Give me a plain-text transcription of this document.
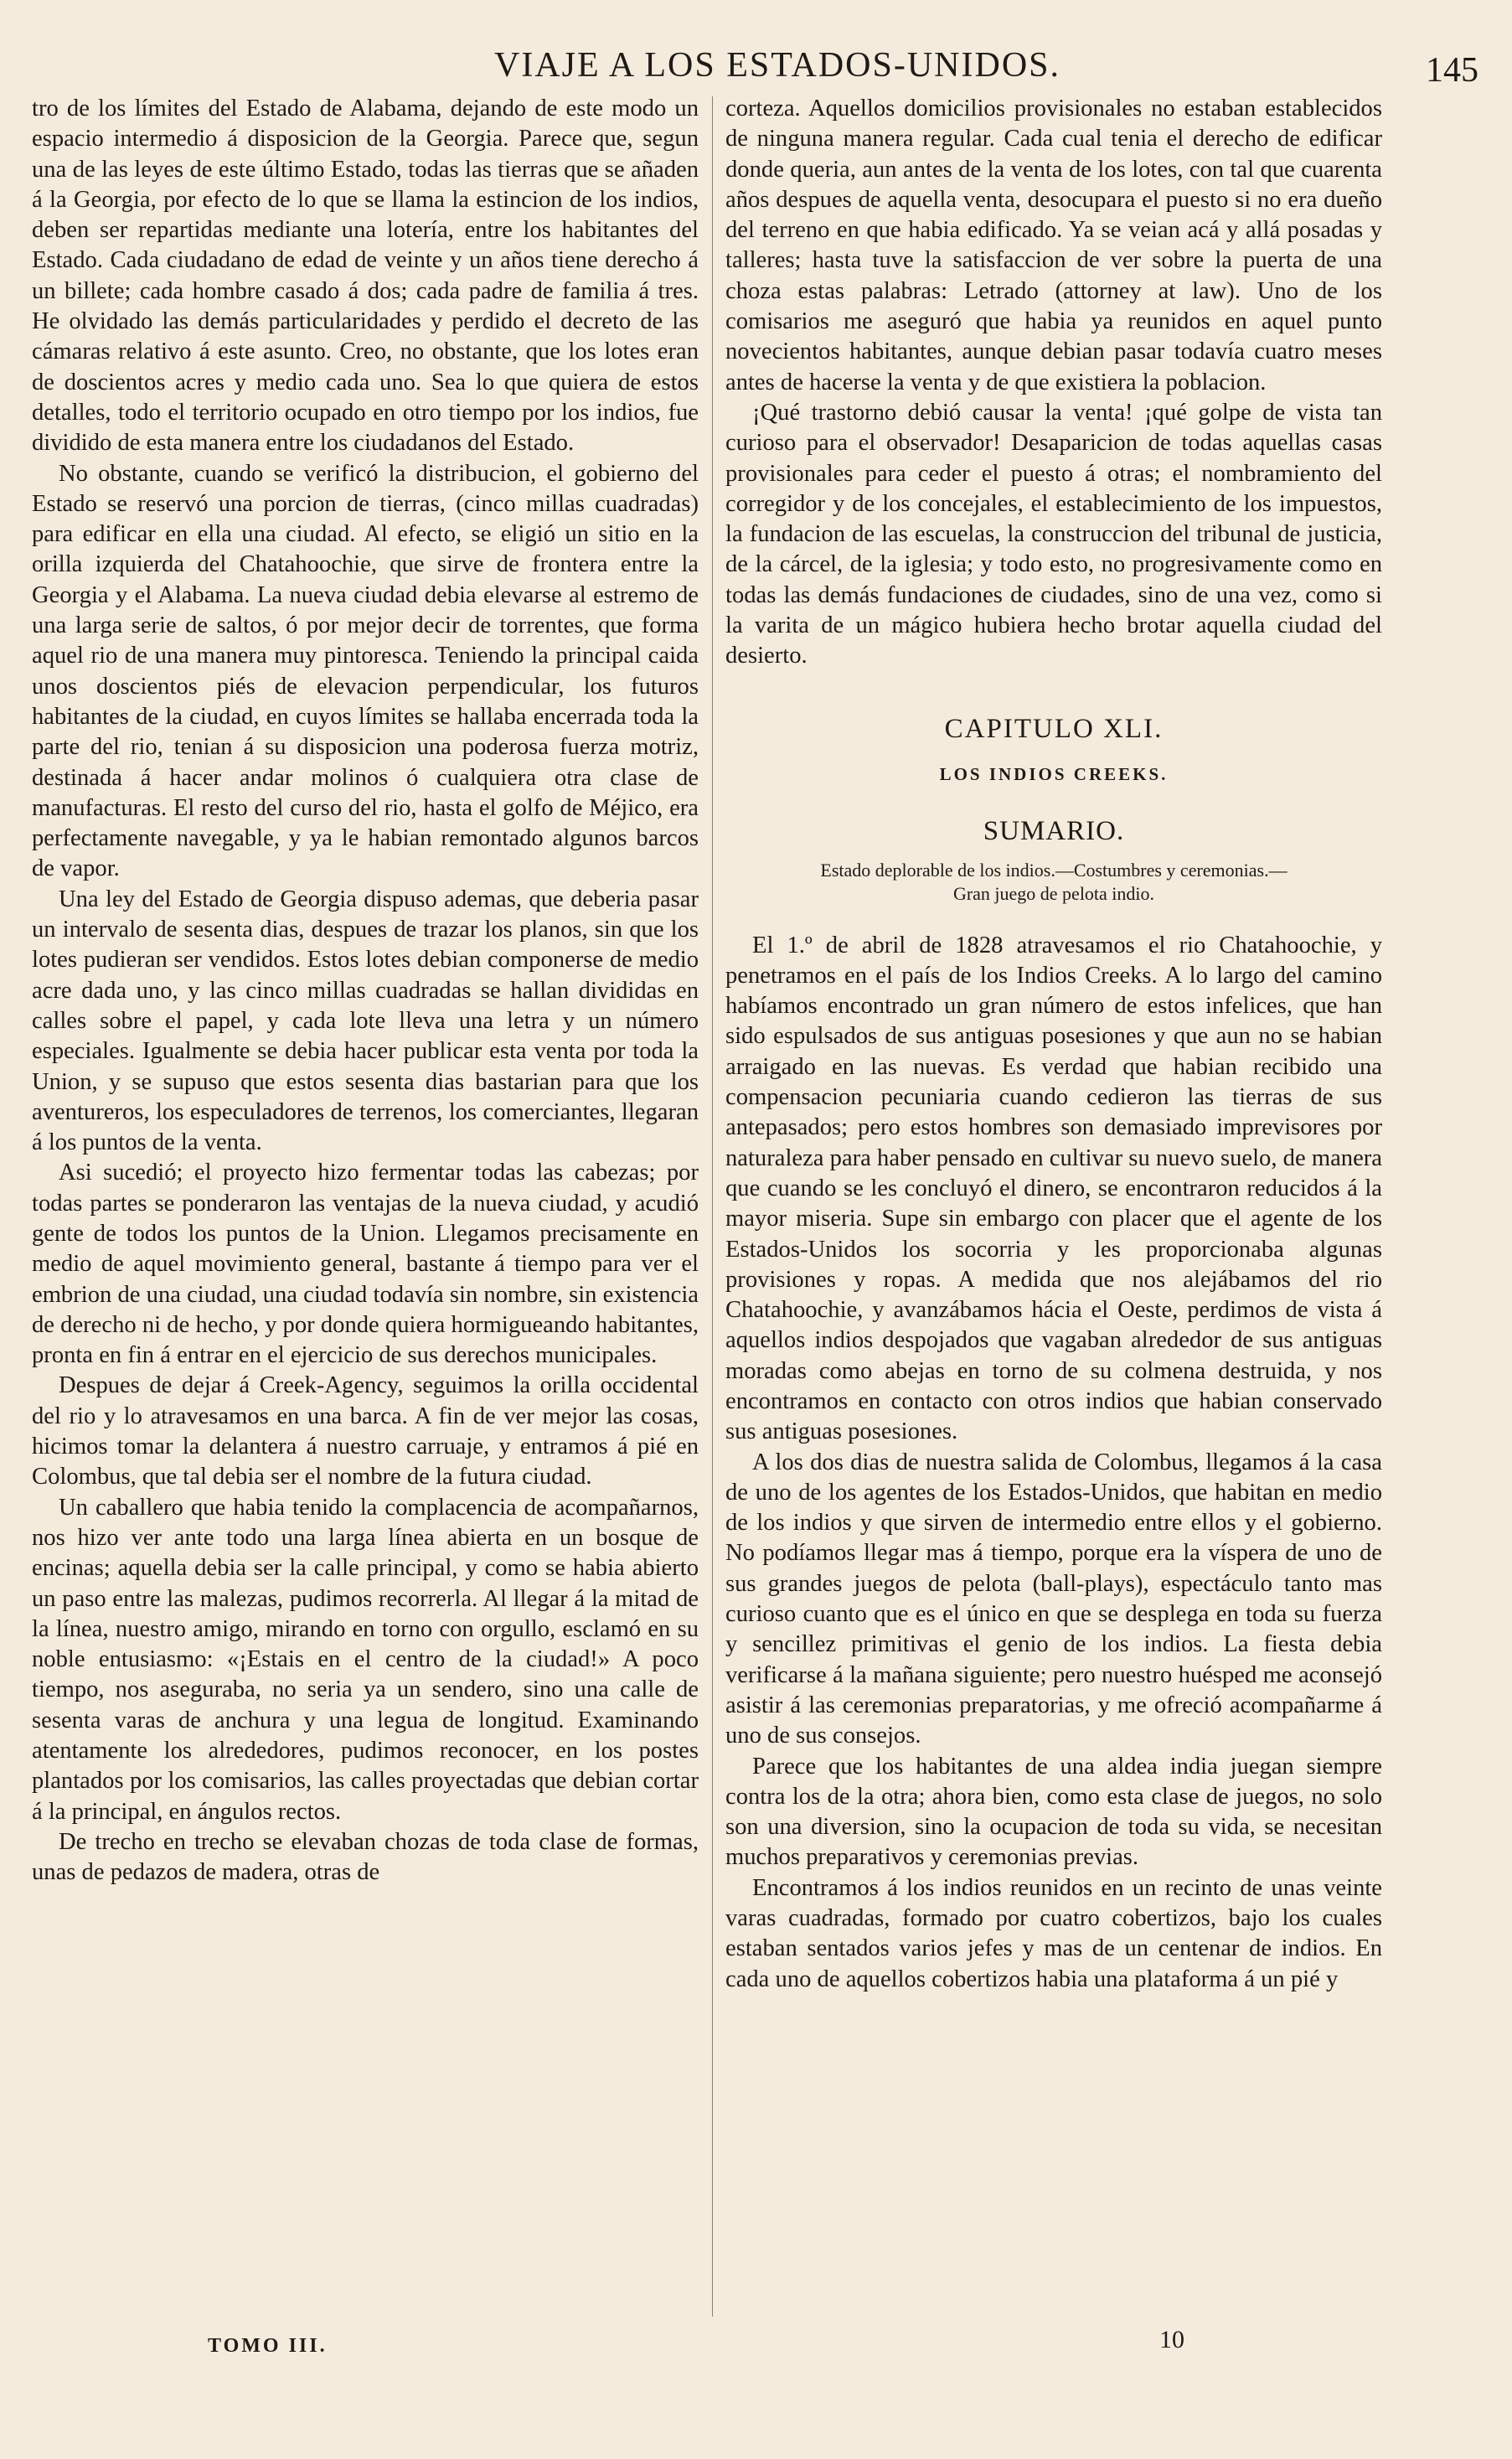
VIAJE A LOS ESTADOS-UNIDOS.	145

tro de los límites del Estado de Alabama, dejando de este modo un espacio intermedio á disposicion de la Georgia. Parece que, segun una de las leyes de este último Estado, todas las tierras que se añaden á la Georgia, por efecto de lo que se llama la estincion de los indios, deben ser repartidas mediante una lotería, entre los habitantes del Estado. Cada ciudadano de edad de veinte y un años tiene derecho á un billete; cada hombre casado á dos; cada padre de familia á tres. He olvidado las demás particularidades y perdido el decreto de las cámaras relativo á este asunto. Creo, no obstante, que los lotes eran de doscientos acres y medio cada uno. Sea lo que quiera de estos detalles, todo el territorio ocupado en otro tiempo por los indios, fue dividido de esta manera entre los ciudadanos del Estado.

No obstante, cuando se verificó la distribucion, el gobierno del Estado se reservó una porcion de tierras, (cinco millas cuadradas) para edificar en ella una ciudad. Al efecto, se eligió un sitio en la orilla izquierda del Chatahoochie, que sirve de frontera entre la Georgia y el Alabama. La nueva ciudad debia elevarse al estremo de una larga serie de saltos, ó por mejor decir de torrentes, que forma aquel rio de una manera muy pintoresca. Teniendo la principal caida unos doscientos piés de elevacion perpendicular, los futuros habitantes de la ciudad, en cuyos límites se hallaba encerrada toda la parte del rio, tenian á su disposicion una poderosa fuerza motriz, destinada á hacer andar molinos ó cualquiera otra clase de manufacturas. El resto del curso del rio, hasta el golfo de Méjico, era perfectamente navegable, y ya le habian remontado algunos barcos de vapor.

Una ley del Estado de Georgia dispuso ademas, que deberia pasar un intervalo de sesenta dias, despues de trazar los planos, sin que los lotes pudieran ser vendidos. Estos lotes debian componerse de medio acre dada uno, y las cinco millas cuadradas se hallan divididas en calles sobre el papel, y cada lote lleva una letra y un número especiales. Igualmente se debia hacer publicar esta venta por toda la Union, y se supuso que estos sesenta dias bastarian para que los aventureros, los especuladores de terrenos, los comerciantes, llegaran á los puntos de la venta.

Asi sucedió; el proyecto hizo fermentar todas las cabezas; por todas partes se ponderaron las ventajas de la nueva ciudad, y acudió gente de todos los puntos de la Union. Llegamos precisamente en medio de aquel movimiento general, bastante á tiempo para ver el embrion de una ciudad, una ciudad todavía sin nombre, sin existencia de derecho ni de hecho, y por donde quiera hormigueando habitantes, pronta en fin á entrar en el ejercicio de sus derechos municipales.

Despues de dejar á Creek-Agency, seguimos la orilla occidental del rio y lo atravesamos en una barca. A fin de ver mejor las cosas, hicimos tomar la delantera á nuestro carruaje, y entramos á pié en Colombus, que tal debia ser el nombre de la futura ciudad.

Un caballero que habia tenido la complacencia de acompañarnos, nos hizo ver ante todo una larga línea abierta en un bosque de encinas; aquella debia ser la calle principal, y como se habia abierto un paso entre las malezas, pudimos recorrerla. Al llegar á la mitad de la línea, nuestro amigo, mirando en torno con orgullo, esclamó en su noble entusiasmo: «¡Estais en el centro de la ciudad!» A poco tiempo, nos aseguraba, no seria ya un sendero, sino una calle de sesenta varas de anchura y una legua de longitud. Examinando atentamente los alrededores, pudimos reconocer, en los postes plantados por los comisarios, las calles proyectadas que debian cortar á la principal, en ángulos rectos.

De trecho en trecho se elevaban chozas de toda clase de formas, unas de pedazos de madera, otras de

corteza. Aquellos domicilios provisionales no estaban establecidos de ninguna manera regular. Cada cual tenia el derecho de edificar donde queria, aun antes de la venta de los lotes, con tal que cuarenta años despues de aquella venta, desocupara el puesto si no era dueño del terreno en que habia edificado. Ya se veian acá y allá posadas y talleres; hasta tuve la satisfaccion de ver sobre la puerta de una choza estas palabras: Letrado (attorney at law). Uno de los comisarios me aseguró que habia ya reunidos en aquel punto novecientos habitantes, aunque debian pasar todavía cuatro meses antes de hacerse la venta y de que existiera la poblacion.

¡Qué trastorno debió causar la venta! ¡qué golpe de vista tan curioso para el observador! Desaparicion de todas aquellas casas provisionales para ceder el puesto á otras; el nombramiento del corregidor y de los concejales, el establecimiento de los impuestos, la fundacion de las escuelas, la construccion del tribunal de justicia, de la cárcel, de la iglesia; y todo esto, no progresivamente como en todas las demás fundaciones de ciudades, sino de una vez, como si la varita de un mágico hubiera hecho brotar aquella ciudad del desierto.

CAPITULO XLI.
LOS INDIOS CREEKS.
SUMARIO.
Estado deplorable de los indios.—Costumbres y ceremonias.—
Gran juego de pelota indio.

El 1.º de abril de 1828 atravesamos el rio Chatahoochie, y penetramos en el país de los Indios Creeks. A lo largo del camino habíamos encontrado un gran número de estos infelices, que han sido espulsados de sus antiguas posesiones y que aun no se habian arraigado en las nuevas. Es verdad que habian recibido una compensacion pecuniaria cuando cedieron las tierras de sus antepasados; pero estos hombres son demasiado imprevisores por naturaleza para haber pensado en cultivar su nuevo suelo, de manera que cuando se les concluyó el dinero, se encontraron reducidos á la mayor miseria. Supe sin embargo con placer que el agente de los Estados-Unidos los socorria y les proporcionaba algunas provisiones y ropas. A medida que nos alejábamos del rio Chatahoochie, y avanzábamos hácia el Oeste, perdimos de vista á aquellos indios despojados que vagaban alrededor de sus antiguas moradas como abejas en torno de su colmena destruida, y nos encontramos en contacto con otros indios que habian conservado sus antiguas posesiones.

A los dos dias de nuestra salida de Colombus, llegamos á la casa de uno de los agentes de los Estados-Unidos, que habitan en medio de los indios y que sirven de intermedio entre ellos y el gobierno. No podíamos llegar mas á tiempo, porque era la víspera de uno de sus grandes juegos de pelota (ball-plays), espectáculo tanto mas curioso cuanto que es el único en que se desplega en toda su fuerza y sencillez primitivas el genio de los indios. La fiesta debia verificarse á la mañana siguiente; pero nuestro huésped me aconsejó asistir á las ceremonias preparatorias, y me ofreció acompañarme á uno de sus consejos.

Parece que los habitantes de una aldea india juegan siempre contra los de la otra; ahora bien, como esta clase de juegos, no solo son una diversion, sino la ocupacion de toda su vida, se necesitan muchos preparativos y ceremonias previas.

Encontramos á los indios reunidos en un recinto de unas veinte varas cuadradas, formado por cuatro cobertizos, bajo los cuales estaban sentados varios jefes y mas de un centenar de indios. En cada uno de aquellos cobertizos habia una plataforma á un pié y

TOMO III.	10
